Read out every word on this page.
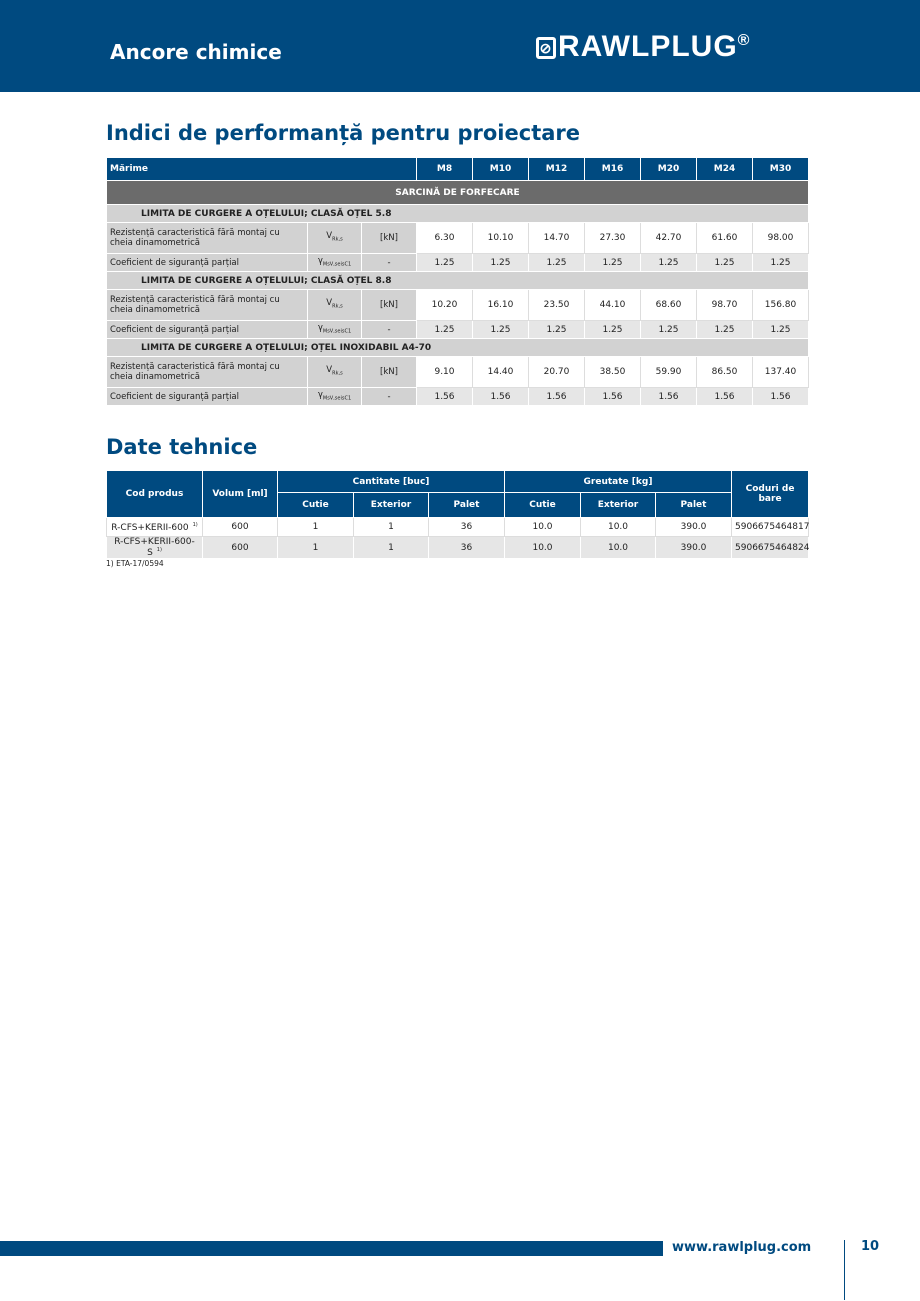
Ancore chimice	⊘ RAWLPLUG®
Indici de performanță pentru proiectare
Mărime			M8	M10	M12	M16	M20	M24	M30
SARCINĂ DE FORFECARE									
LIMITA DE CURGERE A OȚELULUI; CLASĂ OȚEL 5.8									
Rezistență caracteristică fără montaj cu cheia dinamometrică	$V_{Rk,s}$	[kN]	6.30	10.10	14.70	27.30	42.70	61.60	98.00
Coeficient de siguranță parțial	$\gamma_{MsV,seisC1}$	-	1.25	1.25	1.25	1.25	1.25	1.25	1.25
LIMITA DE CURGERE A OȚELULUI; CLASĂ OȚEL 8.8									
Rezistență caracteristică fără montaj cu cheia dinamometrică	$V_{Rk,s}$	[kN]	10.20	16.10	23.50	44.10	68.60	98.70	156.80
Coeficient de siguranță parțial	$\gamma_{MsV,seisC1}$	-	1.25	1.25	1.25	1.25	1.25	1.25	1.25
LIMITA DE CURGERE A OȚELULUI; OȚEL INOXIDABIL A4-70									
Rezistență caracteristică fără montaj cu cheia dinamometrică	$V_{Rk,s}$	[kN]	9.10	14.40	20.70	38.50	59.90	86.50	137.40
Coeficient de siguranță parțial	$\gamma_{MsV,seisC1}$	-	1.56	1.56	1.56	1.56	1.56	1.56	1.56
Date tehnice
Cod produs	Volum [ml]	Cantitate [buc]			Greutate [kg]			Coduri de bare
		Cutie	Exterior	Palet	Cutie	Exterior	Palet	
R-CFS+KERII-600 $^{1)}$	600	1	1	36	10.0	10.0	390.0	5906675464817
R-CFS+KERII-600-S $^{1)}$	600	1	1	36	10.0	10.0	390.0	5906675464824
1) ETA-17/0594
www.rawlplug.com	10
